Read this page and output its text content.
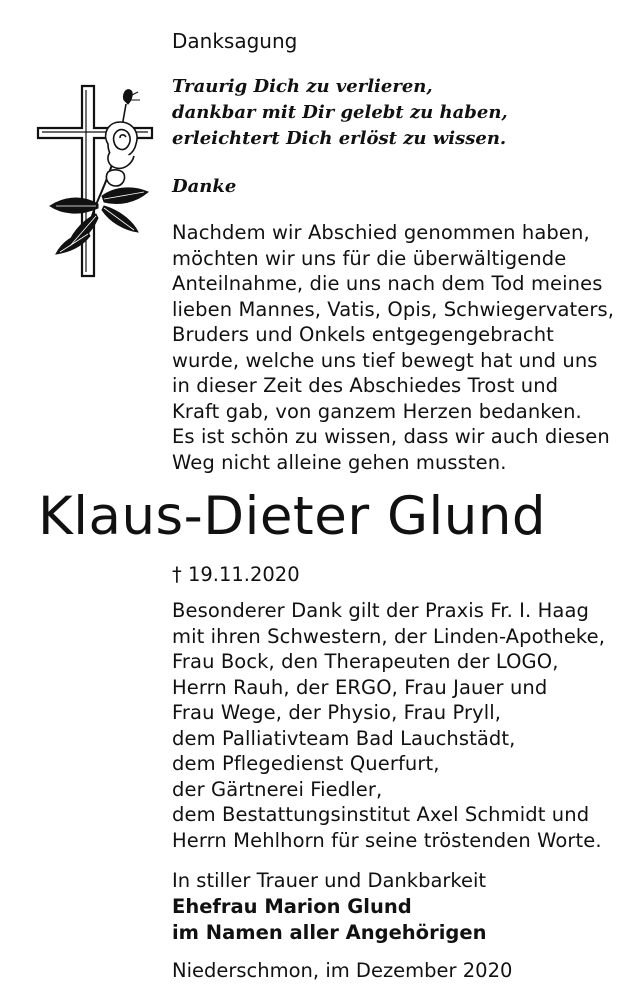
Danksagung
Traurig Dich zu verlieren,
dankbar mit Dir gelebt zu haben,
erleichtert Dich erlöst zu wissen.
Danke
Nachdem wir Abschied genommen haben,
möchten wir uns für die überwältigende
Anteilnahme, die uns nach dem Tod meines
lieben Mannes, Vatis, Opis, Schwiegervaters,
Bruders und Onkels entgegengebracht
wurde, welche uns tief bewegt hat und uns
in dieser Zeit des Abschiedes Trost und
Kraft gab, von ganzem Herzen bedanken.
Es ist schön zu wissen, dass wir auch diesen
Weg nicht alleine gehen mussten.
Klaus-Dieter Glund
† 19.11.2020
Besonderer Dank gilt der Praxis Fr. I. Haag
mit ihren Schwestern, der Linden-Apotheke,
Frau Bock, den Therapeuten der LOGO,
Herrn Rauh, der ERGO, Frau Jauer und
Frau Wege, der Physio, Frau Pryll,
dem Palliativteam Bad Lauchstädt,
dem Pflegedienst Querfurt,
der Gärtnerei Fiedler,
dem Bestattungsinstitut Axel Schmidt und
Herrn Mehlhorn für seine tröstenden Worte.
In stiller Trauer und Dankbarkeit
Ehefrau Marion Glund
im Namen aller Angehörigen
Niederschmon, im Dezember 2020
